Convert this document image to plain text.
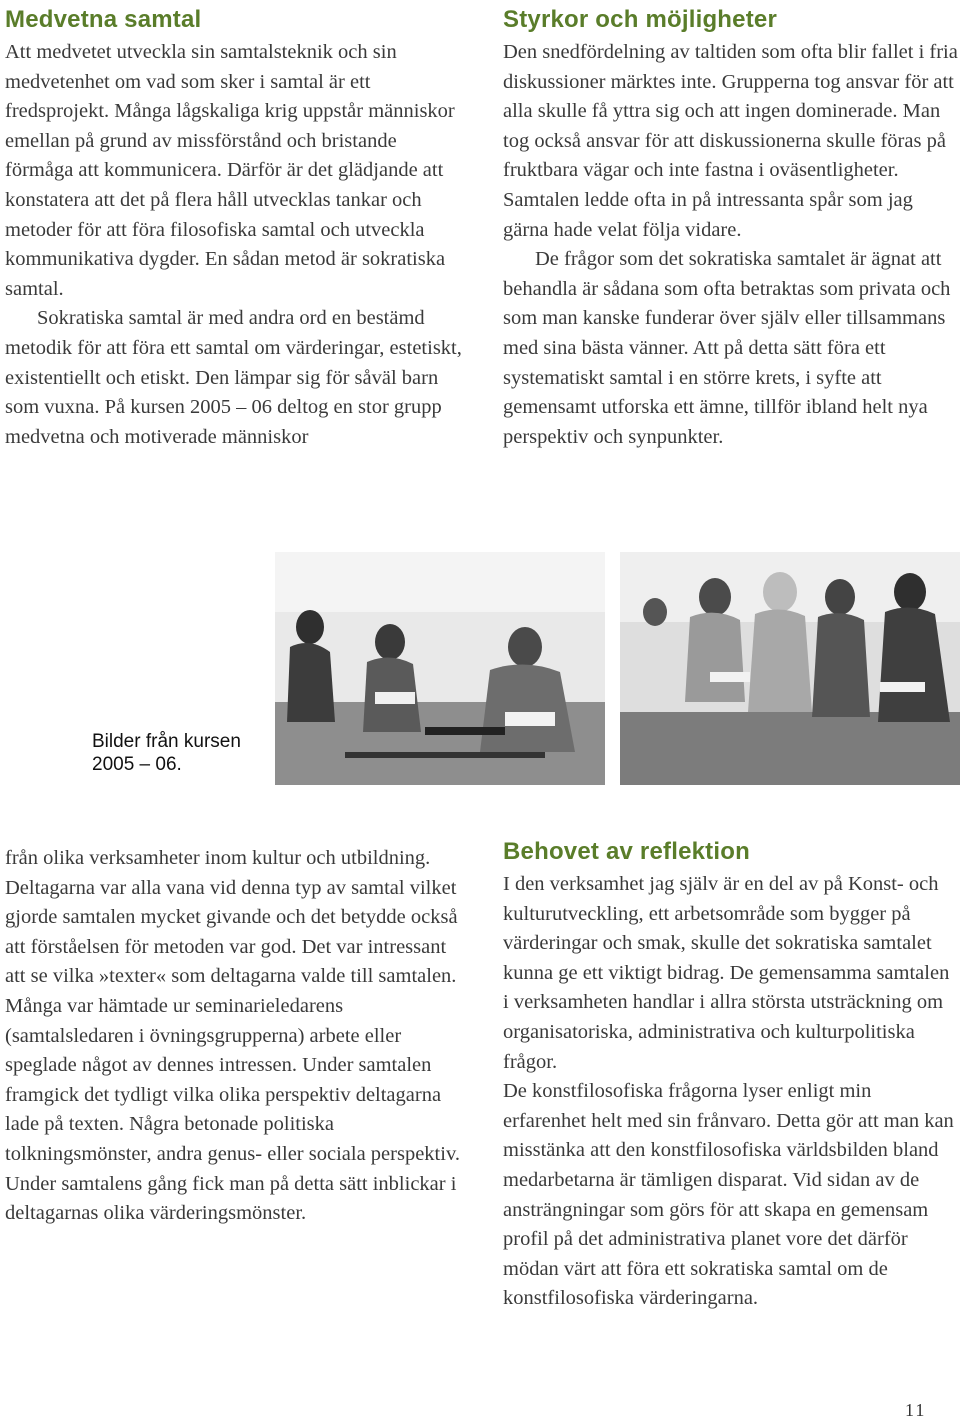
Medvetna samtal

Att medvetet utveckla sin samtalsteknik och sin medvetenhet om vad som sker i samtal är ett fredsprojekt. Många lågskaliga krig uppstår människor emellan på grund av missförstånd och bristande förmåga att kommunicera. Därför är det glädjande att konstatera att det på flera håll utvecklas tankar och metoder för att föra filosofiska samtal och utveckla kommunikativa dygder. En sådan metod är sokratiska samtal.

Sokratiska samtal är med andra ord en bestämd metodik för att föra ett samtal om värderingar, estetiskt, existentiellt och etiskt. Den lämpar sig för såväl barn som vuxna. På kursen 2005 – 06 deltog en stor grupp medvetna och motiverade människor

Styrkor och möjligheter

Den snedfördelning av taltiden som ofta blir fallet i fria diskussioner märktes inte. Grupperna tog ansvar för att alla skulle få yttra sig och att ingen dominerade. Man tog också ansvar för att diskussionerna skulle föras på fruktbara vägar och inte fastna i oväsentligheter. Samtalen ledde ofta in på intressanta spår som jag gärna hade velat följa vidare.

De frågor som det sokratiska samtalet är ägnat att behandla är sådana som ofta betraktas som privata och som man kanske funderar över själv eller tillsammans med sina bästa vänner. Att på detta sätt föra ett systematiskt samtal i en större krets, i syfte att gemensamt utforska ett ämne, tillför ibland helt nya perspektiv och synpunkter.

Bilder från kursen 2005 – 06.

från olika verksamheter inom kultur och utbildning. Deltagarna var alla vana vid denna typ av samtal vilket gjorde samtalen mycket givande och det betydde också att förståelsen för metoden var god. Det var intressant att se vilka »texter« som deltagarna valde till samtalen. Många var hämtade ur seminarieledarens (samtalsledaren i övningsgrupperna) arbete eller speglade något av dennes intressen. Under samtalen framgick det tydligt vilka olika perspektiv deltagarna lade på texten. Några betonade politiska tolkningsmönster, andra genus- eller sociala perspektiv. Under samtalens gång fick man på detta sätt inblickar i deltagarnas olika värderingsmönster.

Behovet av reflektion

I den verksamhet jag själv är en del av på Konst- och kulturutveckling, ett arbetsområde som bygger på värderingar och smak, skulle det sokratiska samtalet kunna ge ett viktigt bidrag. De gemensamma samtalen i verksamheten handlar i allra största utsträckning om organisatoriska, administrativa och kulturpolitiska frågor.

De konstfilosofiska frågorna lyser enligt min erfarenhet helt med sin frånvaro. Detta gör att man kan misstänka att den konstfilosofiska världsbilden bland medarbetarna är tämligen disparat. Vid sidan av de ansträngningar som görs för att skapa en gemensam profil på det administrativa planet vore det därför mödan värt att föra ett sokratiska samtal om de konstfilosofiska värderingarna.

11
